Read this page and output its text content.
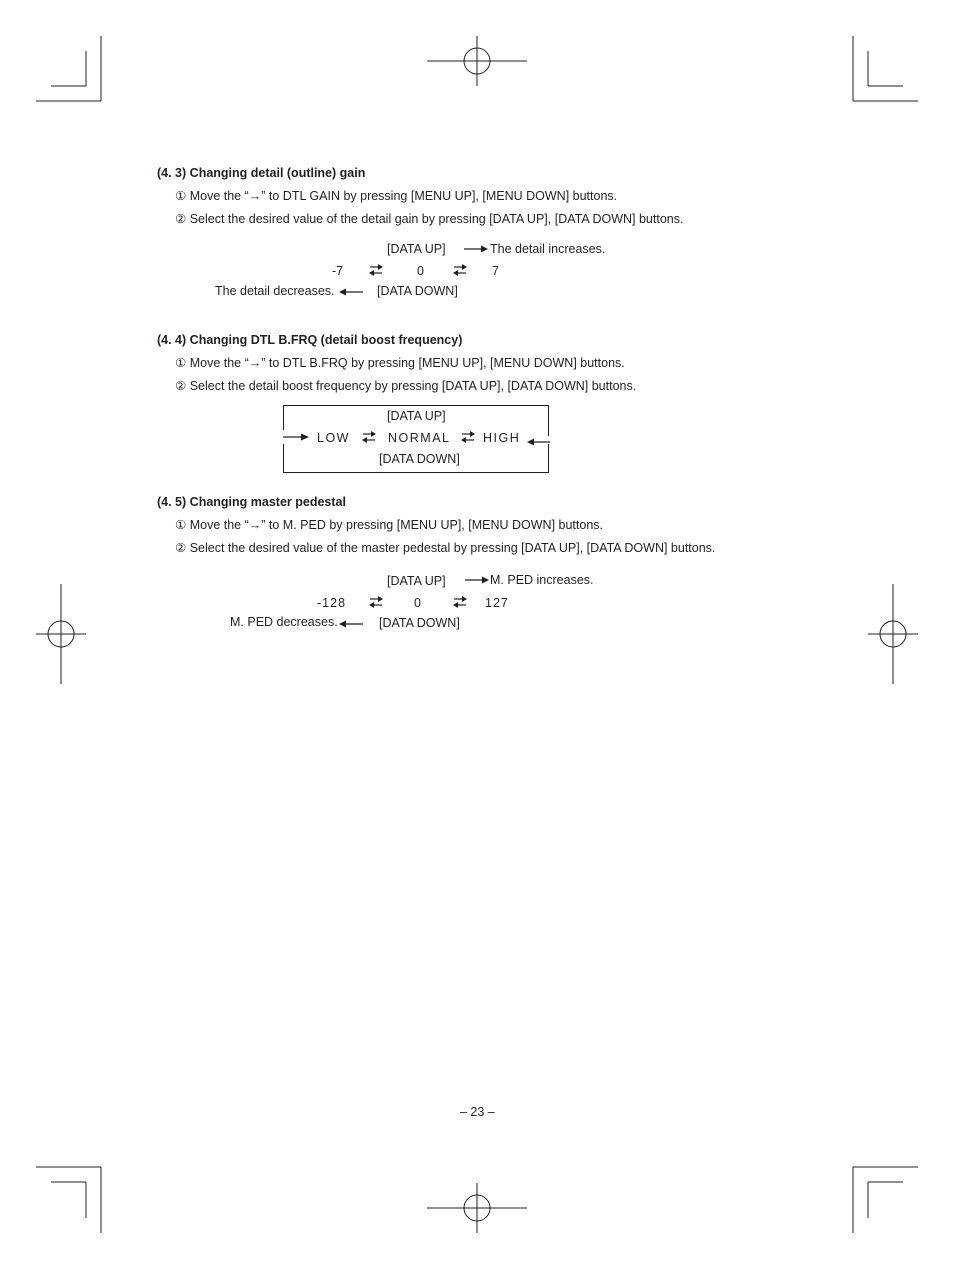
(4. 3) Changing detail (outline) gain
① Move the “→” to DTL GAIN by pressing [MENU UP], [MENU DOWN] buttons.
② Select the desired value of the detail gain by pressing [DATA UP], [DATA DOWN] buttons.
[DATA UP]	The detail increases.
-7	0	7
The detail decreases.	[DATA DOWN]
(4. 4) Changing DTL B.FRQ (detail boost frequency)
① Move the “→” to DTL B.FRQ by pressing [MENU UP], [MENU DOWN] buttons.
② Select the detail boost frequency by pressing [DATA UP], [DATA DOWN] buttons.
[DATA UP]
LOW	NORMAL	HIGH
[DATA DOWN]
(4. 5) Changing master pedestal
① Move the “→” to M. PED by pressing [MENU UP], [MENU DOWN] buttons.
② Select the desired value of the master pedestal by pressing [DATA UP], [DATA DOWN] buttons.
[DATA UP]	M. PED increases.
-128	0	127
M. PED decreases.	[DATA DOWN]
– 23 –
